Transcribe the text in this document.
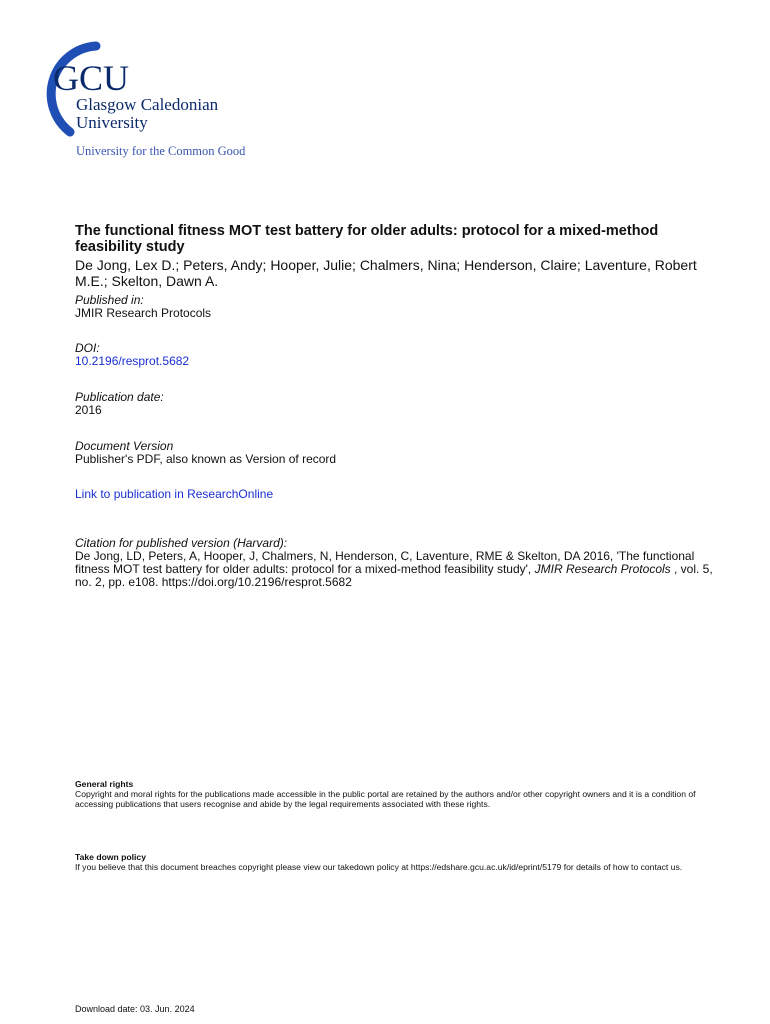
GCU
Glasgow Caledonian
University
University for the Common Good
The functional fitness MOT test battery for older adults: protocol for a mixed-method feasibility study
De Jong, Lex D.; Peters, Andy; Hooper, Julie; Chalmers, Nina; Henderson, Claire; Laventure, Robert M.E.; Skelton, Dawn A.
Published in:
JMIR Research Protocols
DOI:
10.2196/resprot.5682
Publication date:
2016
Document Version
Publisher's PDF, also known as Version of record
Link to publication in ResearchOnline
Citation for published version (Harvard):
De Jong, LD, Peters, A, Hooper, J, Chalmers, N, Henderson, C, Laventure, RME & Skelton, DA 2016, 'The functional fitness MOT test battery for older adults: protocol for a mixed-method feasibility study', JMIR Research Protocols , vol. 5, no. 2, pp. e108. https://doi.org/10.2196/resprot.5682
General rights
Copyright and moral rights for the publications made accessible in the public portal are retained by the authors and/or other copyright owners and it is a condition of accessing publications that users recognise and abide by the legal requirements associated with these rights.
Take down policy
If you believe that this document breaches copyright please view our takedown policy at https://edshare.gcu.ac.uk/id/eprint/5179 for details of how to contact us.
Download date: 03. Jun. 2024
